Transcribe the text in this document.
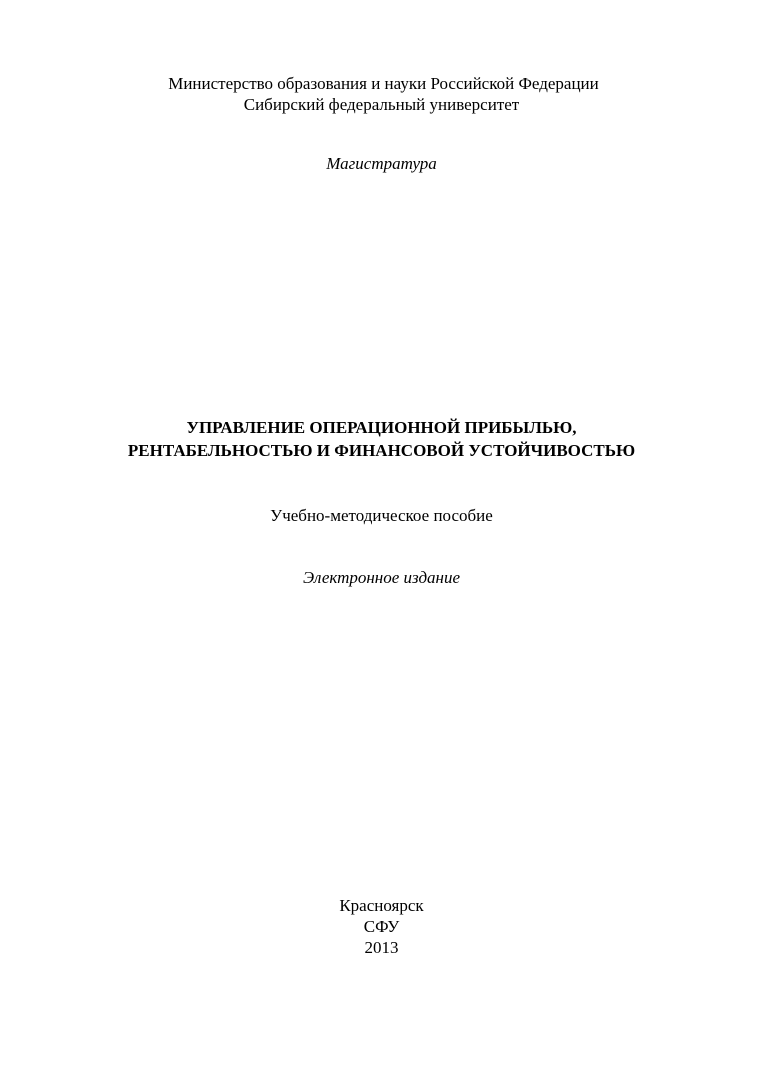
Министерство образования и науки Российской Федерации
Сибирский федеральный университет
Магистратура
УПРАВЛЕНИЕ ОПЕРАЦИОННОЙ ПРИБЫЛЬЮ,
РЕНТАБЕЛЬНОСТЬЮ И ФИНАНСОВОЙ УСТОЙЧИВОСТЬЮ
Учебно-методическое пособие
Электронное издание
Красноярск
СФУ
2013
